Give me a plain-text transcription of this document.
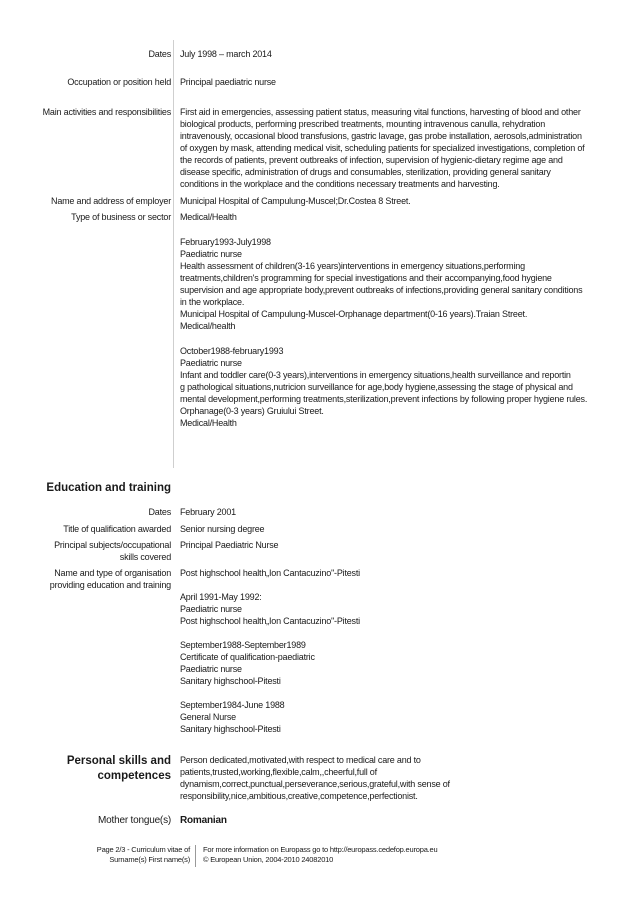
Dates July 1998 – march 2014
Occupation or position held Principal paediatric nurse
Main activities and responsibilities First aid in emergencies, assessing patient status, measuring vital functions, harvesting of blood and other
biological products, performing prescribed treatments, mounting intravenous canulla, rehydration
intravenously, occasional blood transfusions, gastric lavage, gas probe installation, aerosols,administration
of oxygen by mask, attending medical visit, scheduling patients for specialized investigations, completion of
the records of patients, prevent outbreaks of infection, supervision of hygienic-dietary regime age and
disease specific, administration of drugs and consumables, sterilization, providing general sanitary
conditions in the workplace and the conditions necessary treatments and harvesting.
Name and address of employer Municipal Hospital of Campulung-Muscel;Dr.Costea 8 Street.
Type of business or sector Medical/Health
February1993-July1998
Paediatric nurse
Health assessment of children(3-16 years)interventions in emergency situations,performing
treatments,children's programming for special investigations and their accompanying,food hygiene
supervision and age appropriate body,prevent outbreaks of infections,providing general sanitary conditions
in the workplace.
Municipal Hospital of Campulung-Muscel-Orphanage department(0-16 years).Traian Street.
Medical/health
October1988-february1993
Paediatric nurse
Infant and toddler care(0-3 years),interventions in emergency situations,health surveillance and reportin
g pathological situations,nutricion surveillance for age,body hygiene,assessing the stage of physical and
mental development,performing treatments,sterilization,prevent infections by following proper hygiene rules.
Orphanage(0-3 years) Gruiului Street.
Medical/Health
Education and training
Dates February 2001
Title of qualification awarded Senior nursing degree
Principal subjects/occupational
skills covered
Principal Paediatric Nurse
Name and type of organisation
providing education and training
Post highschool health„Ion Cantacuzino''-Pitesti
April 1991-May 1992:
Paediatric nurse
Post highschool health„Ion Cantacuzino''-Pitesti
September1988-September1989
Certificate of qualification-paediatric
Paediatric nurse
Sanitary highschool-Pitesti
September1984-June 1988
General Nurse
Sanitary highschool-Pitesti
Personal skills and
competences
Person dedicated,motivated,with respect to medical care and to
patients,trusted,working,flexible,calm,,cheerful,full of
dynamism,correct,punctual,perseverance,serious,grateful,with sense of
responsibility,nice,ambitious,creative,competence,perfectionist.
Mother tongue(s) Romanian
Page 2/3 - Curriculum vitae of
Surname(s) First name(s)
For more information on Europass go to http://europass.cedefop.europa.eu
© European Union, 2004-2010 24082010
